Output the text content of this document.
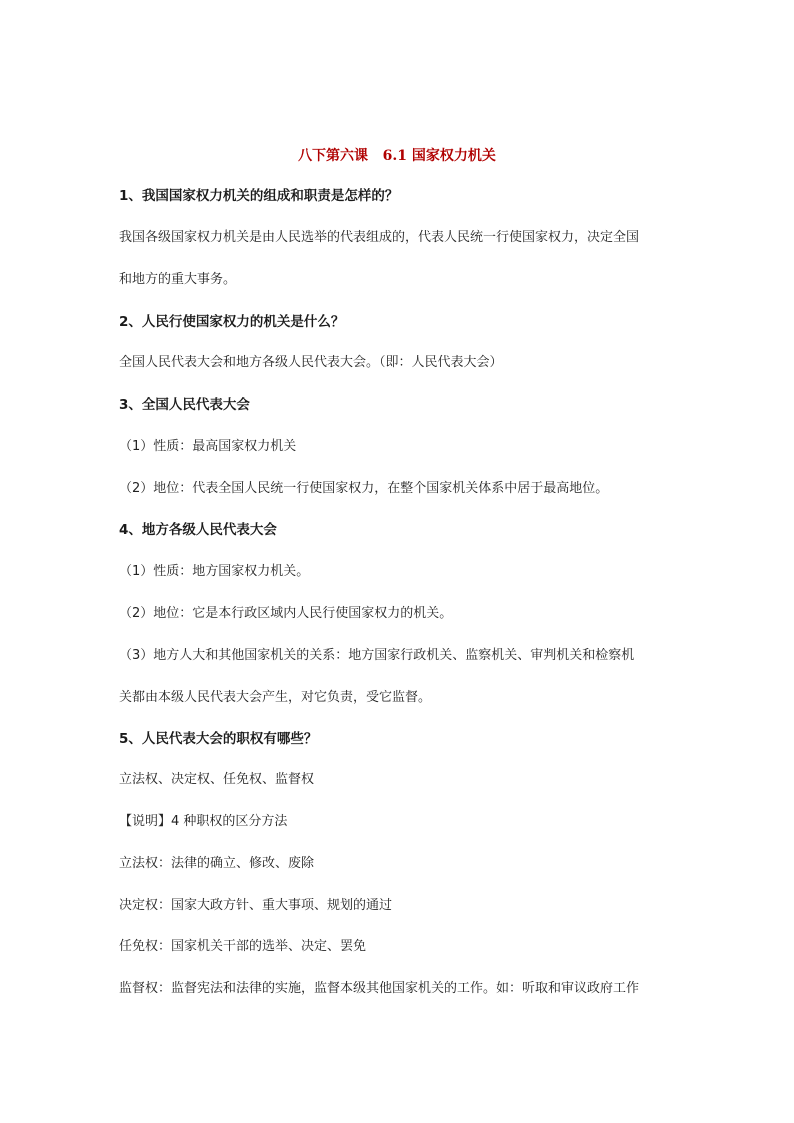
八下第六课   6.1 国家权力机关
1、我国国家权力机关的组成和职责是怎样的？
我国各级国家权力机关是由人民选举的代表组成的，代表人民统一行使国家权力，决定全国
和地方的重大事务。
2、人民行使国家权力的机关是什么？
全国人民代表大会和地方各级人民代表大会。（即：人民代表大会）
3、全国人民代表大会
（1）性质：最高国家权力机关
（2）地位：代表全国人民统一行使国家权力，在整个国家机关体系中居于最高地位。
4、地方各级人民代表大会
（1）性质：地方国家权力机关。
（2）地位：它是本行政区域内人民行使国家权力的机关。
（3）地方人大和其他国家机关的关系：地方国家行政机关、监察机关、审判机关和检察机
关都由本级人民代表大会产生，对它负责，受它监督。
5、人民代表大会的职权有哪些？
立法权、决定权、任免权、监督权
【说明】4 种职权的区分方法
立法权：法律的确立、修改、废除
决定权：国家大政方针、重大事项、规划的通过
任免权：国家机关干部的选举、决定、罢免
监督权：监督宪法和法律的实施，监督本级其他国家机关的工作。如：听取和审议政府工作
